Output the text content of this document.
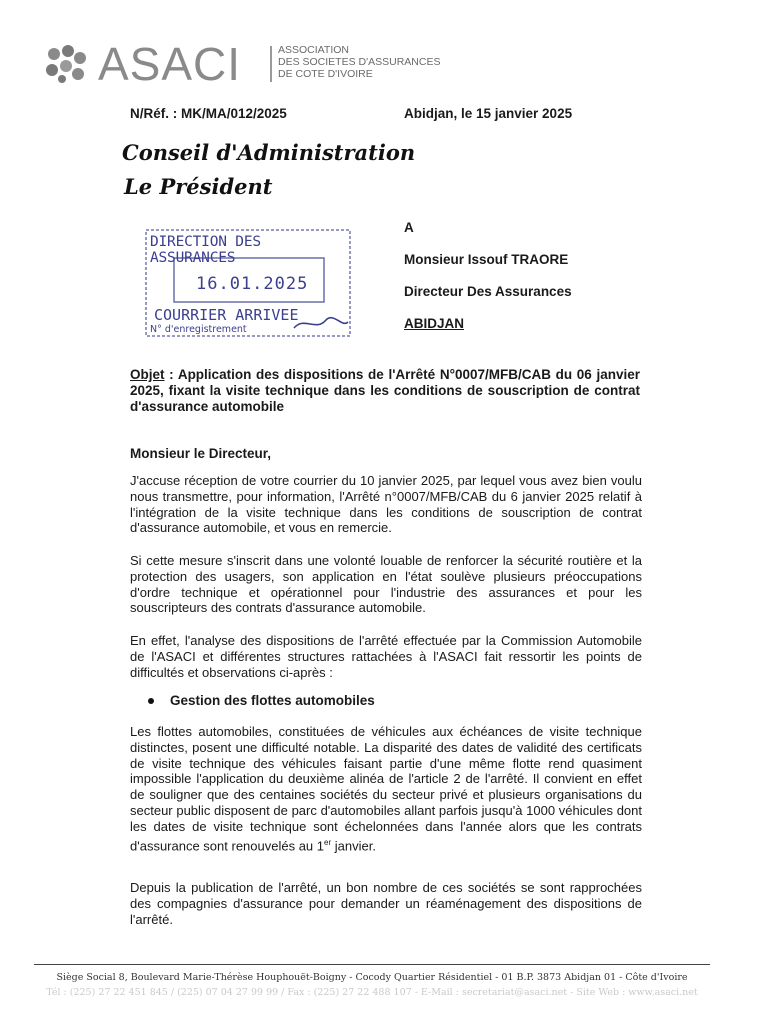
ASACI	ASSOCIATION
DES SOCIETES D'ASSURANCES
DE COTE D'IVOIRE
N/Réf. : MK/MA/012/2025	Abidjan, le 15 janvier 2025
Conseil d'Administration
Le Président
DIRECTION DES ASSURANCES
16.01.2025
COURRIER ARRIVEE
N° d'enregistrement
A
Monsieur Issouf TRAORE
Directeur Des Assurances
ABIDJAN
Objet : Application des dispositions de l'Arrêté N°0007/MFB/CAB du 06 janvier 2025, fixant la visite technique dans les conditions de souscription de contrat d'assurance automobile
Monsieur le Directeur,
J'accuse réception de votre courrier du 10 janvier 2025, par lequel vous avez bien voulu nous transmettre, pour information, l'Arrêté n°0007/MFB/CAB du 6 janvier 2025 relatif à l'intégration de la visite technique dans les conditions de souscription de contrat d'assurance automobile, et vous en remercie.
Si cette mesure s'inscrit dans une volonté louable de renforcer la sécurité routière et la protection des usagers, son application en l'état soulève plusieurs préoccupations d'ordre technique et opérationnel pour l'industrie des assurances et pour les souscripteurs des contrats d'assurance automobile.
En effet, l'analyse des dispositions de l'arrêté effectuée par la Commission Automobile de l'ASACI et différentes structures rattachées à l'ASACI fait ressortir les points de difficultés et observations ci-après :
Gestion des flottes automobiles
Les flottes automobiles, constituées de véhicules aux échéances de visite technique distinctes, posent une difficulté notable. La disparité des dates de validité des certificats de visite technique des véhicules faisant partie d'une même flotte rend quasiment impossible l'application du deuxième alinéa de l'article 2 de l'arrêté. Il convient en effet de souligner que des centaines sociétés du secteur privé et plusieurs organisations du secteur public disposent de parc d'automobiles allant parfois jusqu'à 1000 véhicules dont les dates de visite technique sont échelonnées dans l'année alors que les contrats d'assurance sont renouvelés au 1er janvier.
Depuis la publication de l'arrêté, un bon nombre de ces sociétés se sont rapprochées des compagnies d'assurance pour demander un réaménagement des dispositions de l'arrêté.
Siège Social 8, Boulevard Marie-Thérèse Houphouët-Boigny - Cocody Quartier Résidentiel - 01 B.P. 3873 Abidjan 01 - Côte d'Ivoire
Tél : (225) 27 22 451 845 / (225) 07 04 27 99 99 / Fax : (225) 27 22 488 107 - E-Mail : secretariat@asaci.net - Site Web : www.asaci.net
